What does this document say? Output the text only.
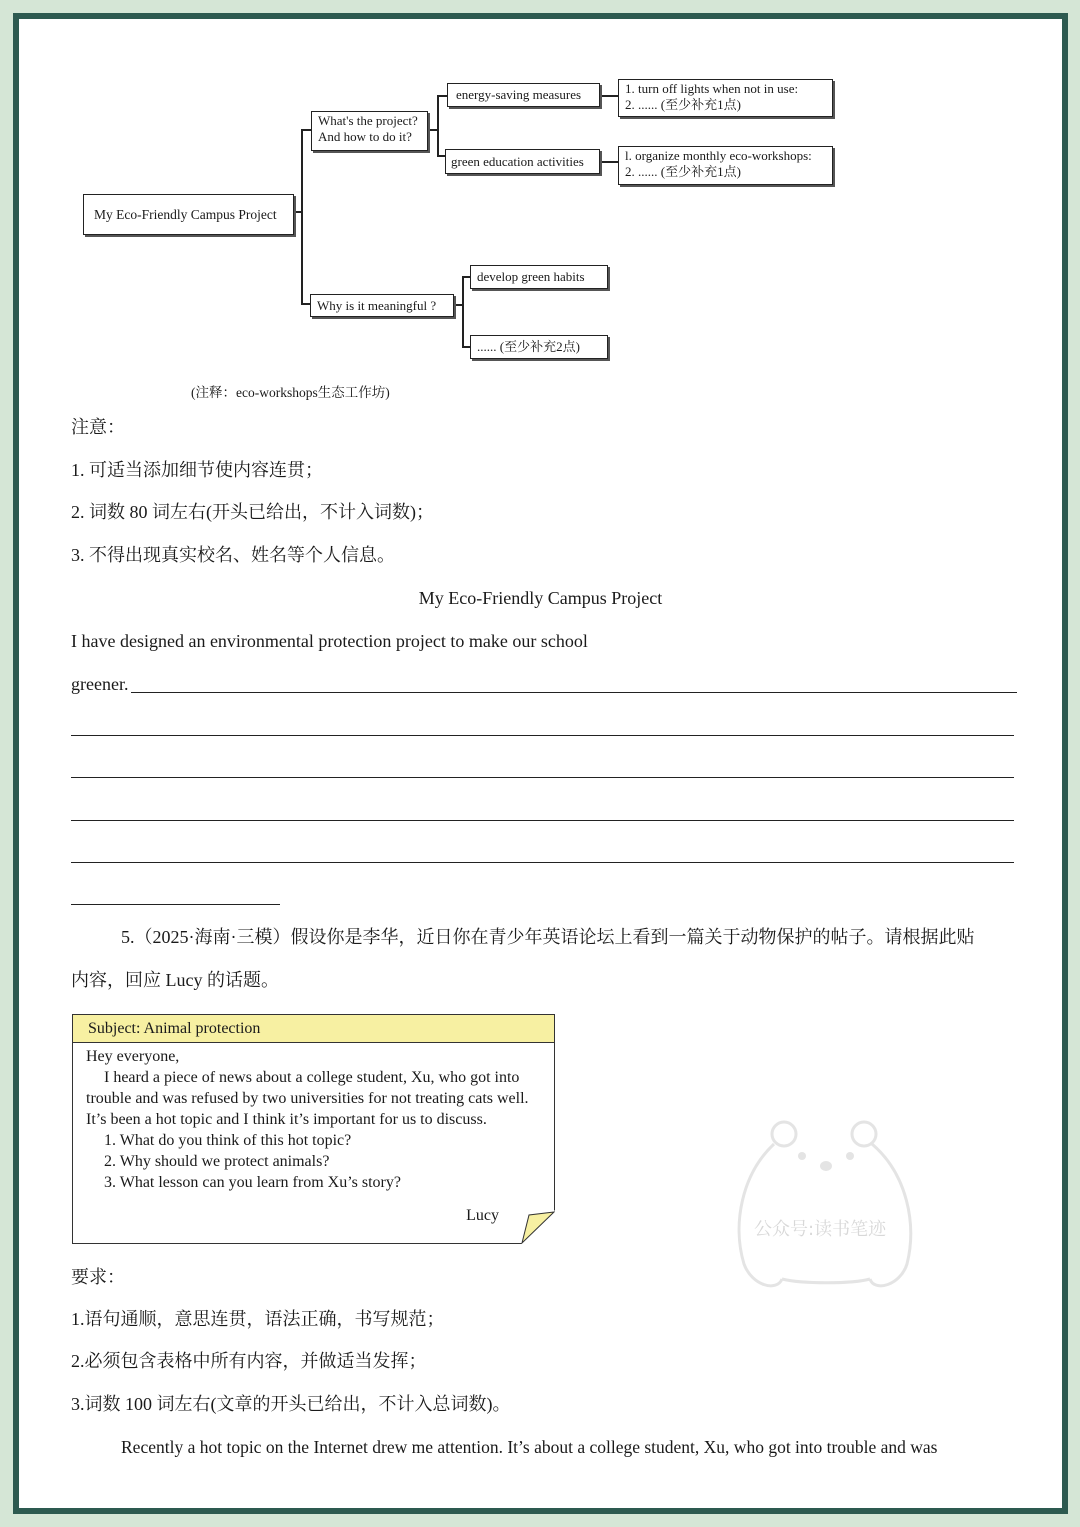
My Eco-Friendly Campus Project
What's the project?
And how to do it?
energy-saving measures	1. turn off lights when not in use:
2. ...... (至少补充1点)
green education activities	l. organize monthly eco-workshops:
2. ...... (至少补充1点)
Why is it meaningful ?
develop green habits
...... (至少补充2点)
(注释：eco-workshops生态工作坊)
注意：
1. 可适当添加细节使内容连贯；
2. 词数 80 词左右(开头已给出，不计入词数)；
3. 不得出现真实校名、姓名等个人信息。
My Eco-Friendly Campus Project
I have designed an environmental protection project to make our school
greener.
5.（2025·海南·三模）假设你是李华，近日你在青少年英语论坛上看到一篇关于动物保护的帖子。请根据此贴
内容，回应 Lucy 的话题。
Subject: Animal protection
Hey everyone,
I heard a piece of news about a college student, Xu, who got into trouble and was refused by two universities for not treating cats well. It’s been a hot topic and I think it’s important for us to discuss.
1. What do you think of this hot topic?
2. Why should we protect animals?
3. What lesson can you learn from Xu’s story?
Lucy
要求：
1.语句通顺，意思连贯，语法正确，书写规范；
2.必须包含表格中所有内容，并做适当发挥；
3.词数 100 词左右(文章的开头已给出，不计入总词数)。
Recently a hot topic on the Internet drew me attention. It’s about a college student, Xu, who got into trouble and was
公众号:读书笔迹
